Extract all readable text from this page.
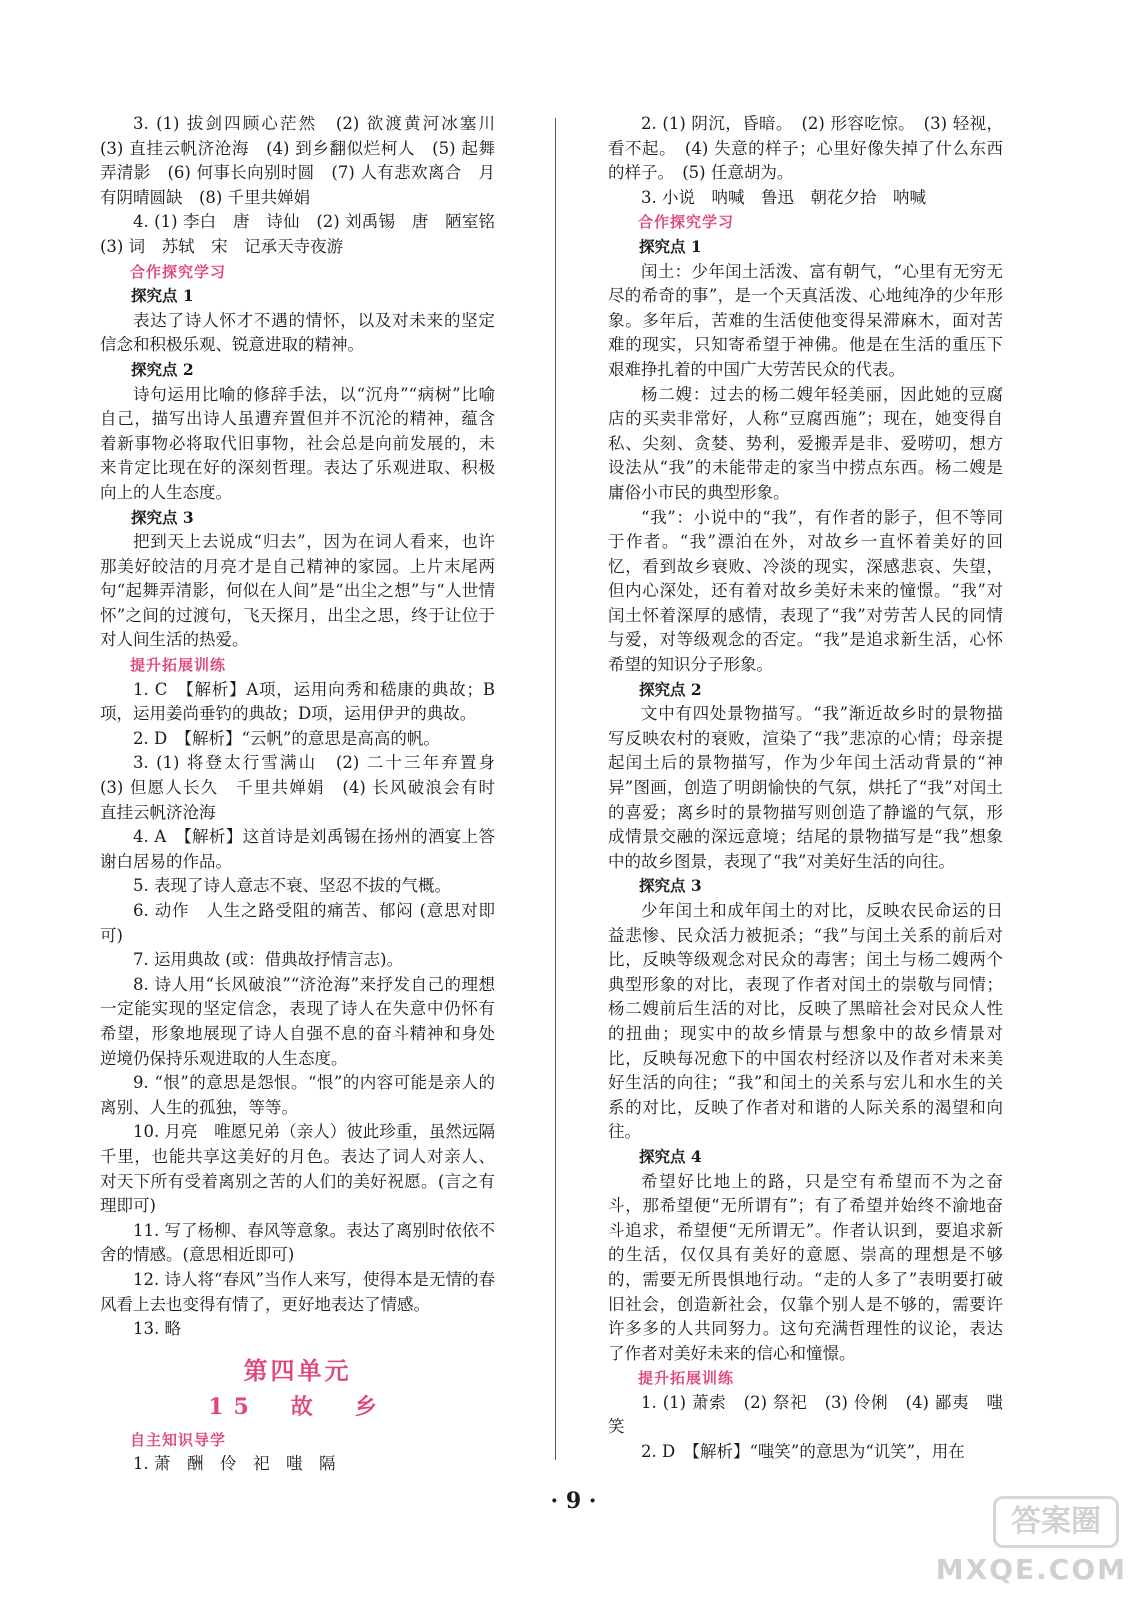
3. (1) 拔剑四顾心茫然　(2) 欲渡黄河冰塞川　(3) 直挂云帆济沧海　(4) 到乡翻似烂柯人　(5) 起舞弄清影　(6) 何事长向别时圆　(7) 人有悲欢离合　月有阴晴圆缺　(8) 千里共婵娟

4. (1) 李白　唐　诗仙　(2) 刘禹锡　唐　陋室铭　(3) 词　苏轼　宋　记承天寺夜游

合作探究学习

探究点 1

表达了诗人怀才不遇的情怀，以及对未来的坚定信念和积极乐观、锐意进取的精神。

探究点 2

诗句运用比喻的修辞手法，以“沉舟”“病树”比喻自己，描写出诗人虽遭弃置但并不沉沦的精神，蕴含着新事物必将取代旧事物，社会总是向前发展的，未来肯定比现在好的深刻哲理。表达了乐观进取、积极向上的人生态度。

探究点 3

把到天上去说成“归去”，因为在词人看来，也许那美好皎洁的月亮才是自己精神的家园。上片末尾两句“起舞弄清影，何似在人间”是“出尘之想”与“人世情怀”之间的过渡句，飞天探月，出尘之思，终于让位于对人间生活的热爱。

提升拓展训练

1. C　【解析】A项，运用向秀和嵇康的典故；B项，运用姜尚垂钓的典故；D项，运用伊尹的典故。

2. D　【解析】“云帆”的意思是高高的帆。

3. (1) 将登太行雪满山　(2) 二十三年弃置身　(3) 但愿人长久　千里共婵娟　(4) 长风破浪会有时　直挂云帆济沧海

4. A　【解析】这首诗是刘禹锡在扬州的酒宴上答谢白居易的作品。

5. 表现了诗人意志不衰、坚忍不拔的气概。

6. 动作　人生之路受阻的痛苦、郁闷 (意思对即可)

7. 运用典故 (或：借典故抒情言志)。

8. 诗人用“长风破浪”“济沧海”来抒发自己的理想一定能实现的坚定信念，表现了诗人在失意中仍怀有希望，形象地展现了诗人自强不息的奋斗精神和身处逆境仍保持乐观进取的人生态度。

9. “恨”的意思是怨恨。“恨”的内容可能是亲人的离别、人生的孤独，等等。

10. 月亮　唯愿兄弟（亲人）彼此珍重，虽然远隔千里，也能共享这美好的月色。表达了词人对亲人、对天下所有受着离别之苦的人们的美好祝愿。(言之有理即可)

11. 写了杨柳、春风等意象。表达了离别时依依不舍的情感。(意思相近即可)

12. 诗人将“春风”当作人来写，使得本是无情的春风看上去也变得有情了，更好地表达了情感。

13. 略

第四单元
15　故　乡

自主知识导学

1. 萧　酬　伶　祀　嗤　隔

2. (1) 阴沉，昏暗。　(2) 形容吃惊。　(3) 轻视，看不起。　(4) 失意的样子；心里好像失掉了什么东西的样子。　(5) 任意胡为。

3. 小说　呐喊　鲁迅　朝花夕拾　呐喊

合作探究学习

探究点 1

闰土：少年闰土活泼、富有朝气，“心里有无穷无尽的希奇的事”，是一个天真活泼、心地纯净的少年形象。多年后，苦难的生活使他变得呆滞麻木，面对苦难的现实，只知寄希望于神佛。他是在生活的重压下艰难挣扎着的中国广大劳苦民众的代表。

杨二嫂：过去的杨二嫂年轻美丽，因此她的豆腐店的买卖非常好，人称“豆腐西施”；现在，她变得自私、尖刻、贪婪、势利，爱搬弄是非、爱唠叨，想方设法从“我”的未能带走的家当中捞点东西。杨二嫂是庸俗小市民的典型形象。

“我”：小说中的“我”，有作者的影子，但不等同于作者。“我”漂泊在外，对故乡一直怀着美好的回忆，看到故乡衰败、冷淡的现实，深感悲哀、失望，但内心深处，还有着对故乡美好未来的憧憬。“我”对闰土怀着深厚的感情，表现了“我”对劳苦人民的同情与爱，对等级观念的否定。“我”是追求新生活，心怀希望的知识分子形象。

探究点 2

文中有四处景物描写。“我”渐近故乡时的景物描写反映农村的衰败，渲染了“我”悲凉的心情；母亲提起闰土后的景物描写，作为少年闰土活动背景的“神异”图画，创造了明朗愉快的气氛，烘托了“我”对闰土的喜爱；离乡时的景物描写则创造了静谧的气氛，形成情景交融的深远意境；结尾的景物描写是“我”想象中的故乡图景，表现了“我”对美好生活的向往。

探究点 3

少年闰土和成年闰土的对比，反映农民命运的日益悲惨、民众活力被扼杀；“我”与闰土关系的前后对比，反映等级观念对民众的毒害；闰土与杨二嫂两个典型形象的对比，表现了作者对闰土的崇敬与同情；杨二嫂前后生活的对比，反映了黑暗社会对民众人性的扭曲；现实中的故乡情景与想象中的故乡情景对比，反映每况愈下的中国农村经济以及作者对未来美好生活的向往；“我”和闰土的关系与宏儿和水生的关系的对比，反映了作者对和谐的人际关系的渴望和向往。

探究点 4

希望好比地上的路，只是空有希望而不为之奋斗，那希望便“无所谓有”；有了希望并始终不渝地奋斗追求，希望便“无所谓无”。作者认识到，要追求新的生活，仅仅具有美好的意愿、崇高的理想是不够的，需要无所畏惧地行动。“走的人多了”表明要打破旧社会，创造新社会，仅靠个别人是不够的，需要许许多多的人共同努力。这句充满哲理性的议论，表达了作者对美好未来的信心和憧憬。

提升拓展训练

1. (1) 萧索　(2) 祭祀　(3) 伶俐　(4) 鄙夷　嗤笑

2. D　【解析】“嗤笑”的意思为“讥笑”，用在

· 9 ·
答案圈
MXQE.COM
